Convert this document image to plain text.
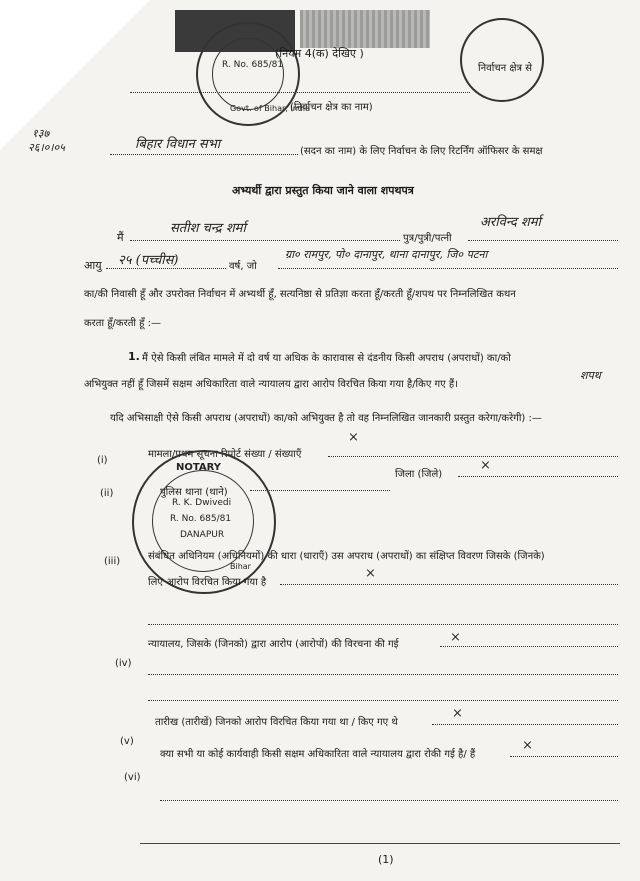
R. No. 685/81
Govt. of Bihar, India
(नियम 4(क) देखिए )
निर्वाचन क्षेत्र से
(निर्वाचन क्षेत्र का नाम)
१३७
२६।०।०५	बिहार विधान सभा	(सदन का नाम) के लिए निर्वाचन के लिए रिटर्निंग ऑफिसर के समक्ष
अभ्यर्थी द्वारा प्रस्तुत किया जाने वाला शपथपत्र
मैं
सतीश चन्द्र शर्मा
पुत्र/पुत्री/पत्नी
अरविन्द शर्मा
आयु २५ (पच्चीस)	वर्ष, जो
ग्रा० रामपुर, पो० दानापुर, थाना दानापुर, जि० पटना
का/की निवासी हूँ और उपरोक्त निर्वाचन में अभ्यर्थी हूँ, सत्यनिष्ठा से प्रतिज्ञा करता हूँ/करती हूँ/शपथ पर निम्नलिखित कथन
करता हूँ/करती हूँ :—
1. मैं ऐसे किसी लंबित मामले में दो वर्ष या अधिक के कारावास से दंडनीय किसी अपराध (अपराधों) का/को
अभियुक्त नहीं हूँ जिसमें सक्षम अधिकारिता वाले न्यायालय द्वारा आरोप विरचित किया गया है/किए गए हैं।
शपथ
यदि अभिसाक्षी ऐसे किसी अपराध (अपराधों) का/को अभियुक्त है तो वह निम्नलिखित जानकारी प्रस्तुत करेगा/करेगी) :—
(i)
मामला/प्रथम सूचना रिपोर्ट संख्या / संख्याएँ
×
(ii)	पुलिस थाना (थाने)
जिला (जिले)
×
NOTARY
R. K. Dwivedi
R. No. 685/81
DANAPUR
Bihar
(iii)	संबंधित अधिनियम (अधिनियमों) की धारा (धाराएँ) उस अपराध (अपराधों) का संक्षिप्त विवरण जिसके (जिनके)
लिए आरोप विरचित किया गया है
×
(iv)
न्यायालय, जिसके (जिनको) द्वारा आरोप (आरोपों) की विरचना की गई	×
(v)
तारीख (तारीखें) जिनको आरोप विरचित किया गया था / किए गए थे
×
(vi)
क्या सभी या कोई कार्यवाही किसी सक्षम अधिकारिता वाले न्यायालय द्वारा रोकी गई है/ हैं
×
(1)
